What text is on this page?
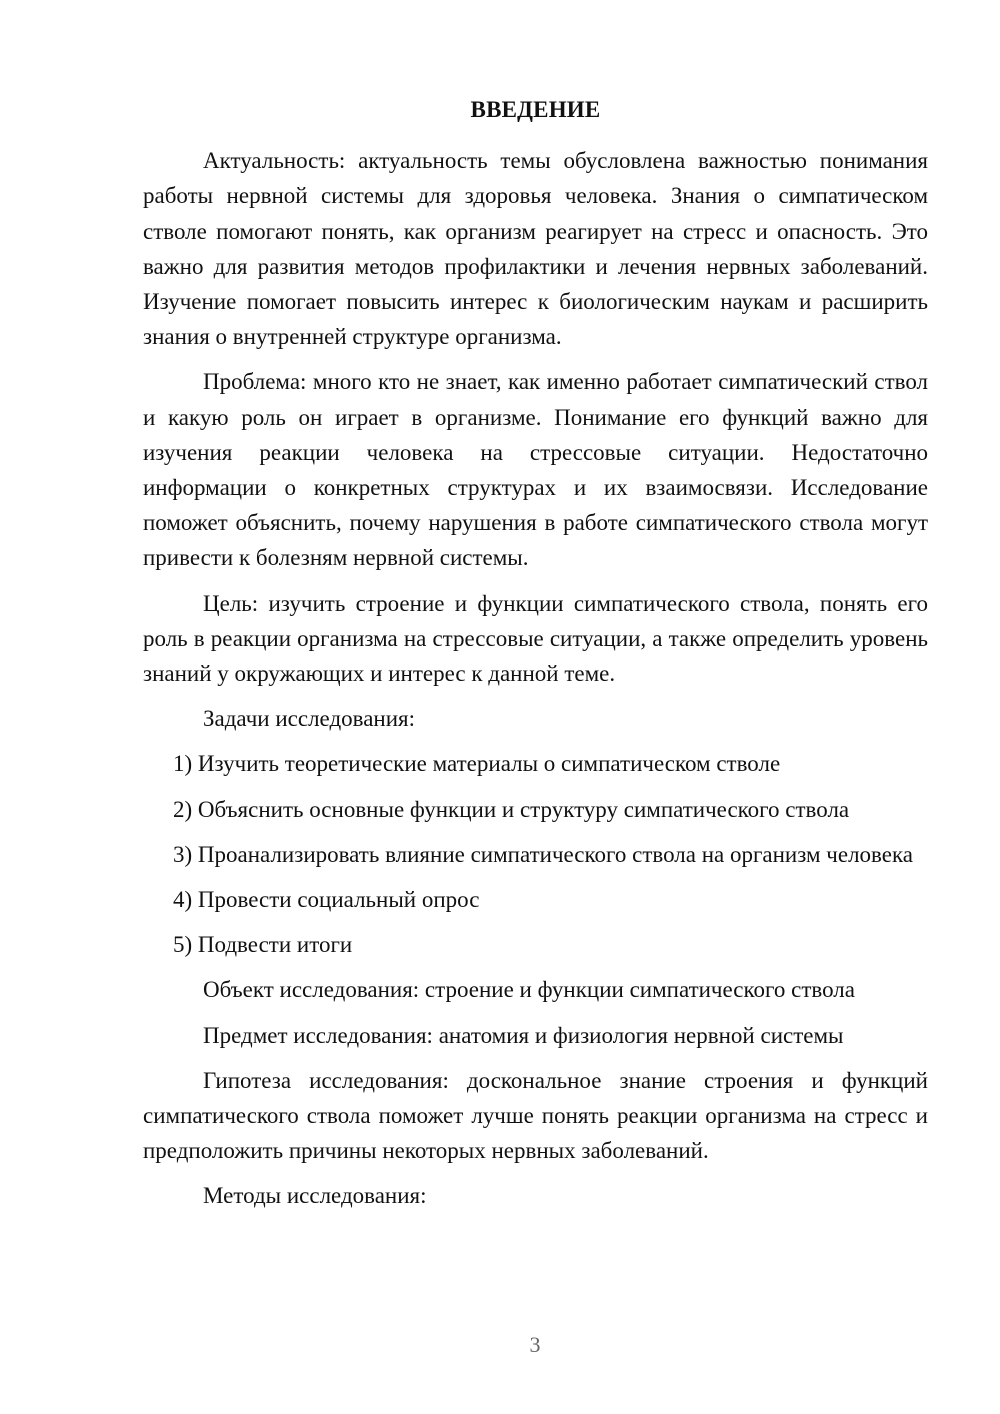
ВВЕДЕНИЕ

Актуальность: актуальность темы обусловлена важностью понимания работы нервной системы для здоровья человека. Знания о симпатическом стволе помогают понять, как организм реагирует на стресс и опасность. Это важно для развития методов профилактики и лечения нервных заболеваний. Изучение помогает повысить интерес к биологическим наукам и расширить знания о внутренней структуре организма.

Проблема: много кто не знает, как именно работает симпатический ствол и какую роль он играет в организме. Понимание его функций важно для изучения реакции человека на стрессовые ситуации. Недостаточно информации о конкретных структурах и их взаимосвязи. Исследование поможет объяснить, почему нарушения в работе симпатического ствола могут привести к болезням нервной системы.

Цель: изучить строение и функции симпатического ствола, понять его роль в реакции организма на стрессовые ситуации, а также определить уровень знаний у окружающих и интерес к данной теме.

Задачи исследования:

1) Изучить теоретические материалы о симпатическом стволе

2) Объяснить основные функции и структуру симпатического ствола

3) Проанализировать влияние симпатического ствола на организм человека

4) Провести социальный опрос

5) Подвести итоги

Объект исследования: строение и функции симпатического ствола

Предмет исследования: анатомия и физиология нервной системы

Гипотеза исследования: доскональное знание строения и функций симпатического ствола поможет лучше понять реакции организма на стресс и предположить причины некоторых нервных заболеваний.

Методы исследования:

3
